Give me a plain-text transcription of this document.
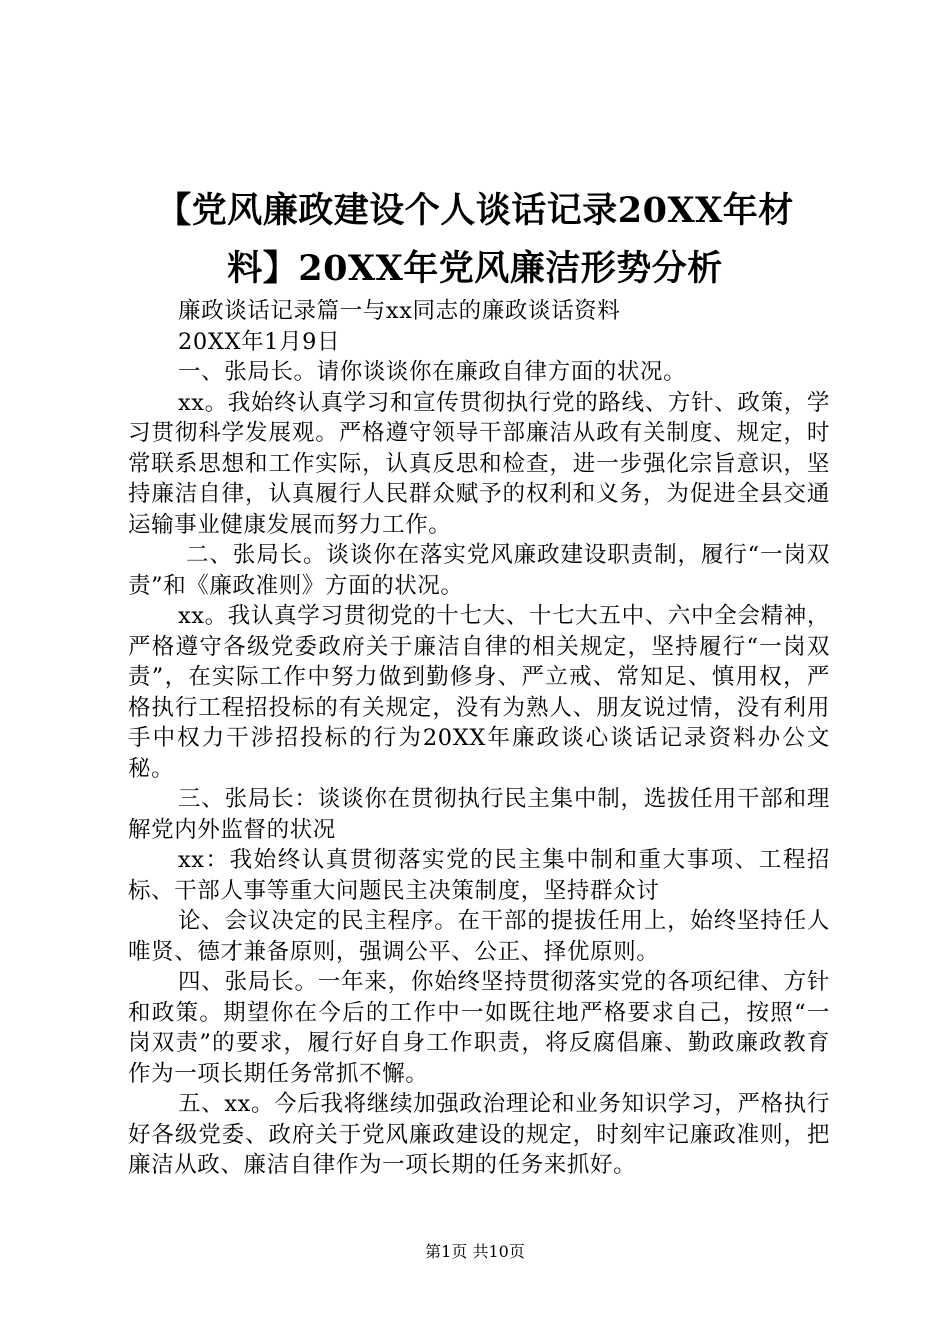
【党风廉政建设个人谈话记录20XX年材
料】20XX年党风廉洁形势分析

廉政谈话记录篇一与xx同志的廉政谈话资料

20XX年1月9日

一、张局长。请你谈谈你在廉政自律方面的状况。

xx。我始终认真学习和宣传贯彻执行党的路线、方针、政策，学习贯彻科学发展观。严格遵守领导干部廉洁从政有关制度、规定，时常联系思想和工作实际，认真反思和检查，进一步强化宗旨意识，坚持廉洁自律，认真履行人民群众赋予的权利和义务，为促进全县交通运输事业健康发展而努力工作。

二、张局长。谈谈你在落实党风廉政建设职责制，履行“一岗双责”和《廉政准则》方面的状况。

xx。我认真学习贯彻党的十七大、十七大五中、六中全会精神，严格遵守各级党委政府关于廉洁自律的相关规定，坚持履行“一岗双责”，在实际工作中努力做到勤修身、严立戒、常知足、慎用权，严格执行工程招投标的有关规定，没有为熟人、朋友说过情，没有利用手中权力干涉招投标的行为20XX年廉政谈心谈话记录资料办公文秘。

三、张局长：谈谈你在贯彻执行民主集中制，选拔任用干部和理解党内外监督的状况

xx：我始终认真贯彻落实党的民主集中制和重大事项、工程招标、干部人事等重大问题民主决策制度，坚持群众讨

论、会议决定的民主程序。在干部的提拔任用上，始终坚持任人唯贤、德才兼备原则，强调公平、公正、择优原则。

四、张局长。一年来，你始终坚持贯彻落实党的各项纪律、方针和政策。期望你在今后的工作中一如既往地严格要求自己，按照“一岗双责”的要求，履行好自身工作职责，将反腐倡廉、勤政廉政教育作为一项长期任务常抓不懈。

五、xx。今后我将继续加强政治理论和业务知识学习，严格执行好各级党委、政府关于党风廉政建设的规定，时刻牢记廉政准则，把廉洁从政、廉洁自律作为一项长期的任务来抓好。

第1页 共10页
